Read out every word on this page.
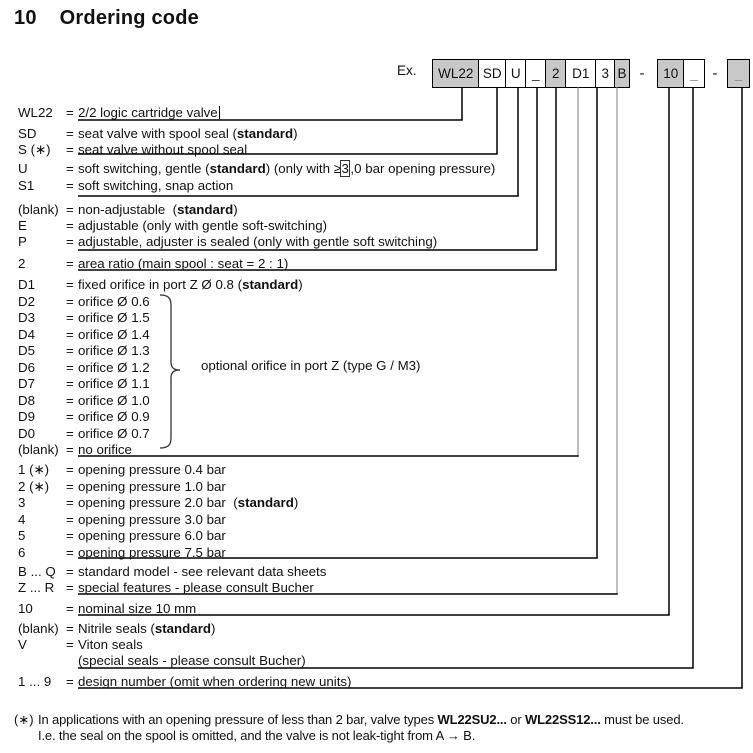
10 Ordering code
Ex. WL22 SD U _ 2 D1 3 B -	10 _ -	_
optional orifice in port Z (type G / M3)
WL22 = 2/2 logic cartridge valve
SD = seat valve with spool seal (standard)
S (∗) = seat valve without spool seal
U	= soft switching, gentle (standard) (only with ≥3 ,0 bar opening pressure)
S1 = soft switching, snap action
(blank) = non-adjustable  (standard)
E	= adjustable (only with gentle soft-switching)
P	= adjustable, adjuster is sealed (only with gentle soft switching)
2	= area ratio (main spool : seat = 2 : 1)
D1 = fixed orifice in port Z Ø 0.8 (standard)
D2 = orifice Ø 0.6
D3 = orifice Ø 1.5
D4 = orifice Ø 1.4
D5 = orifice Ø 1.3
D6 = orifice Ø 1.2
D7 = orifice Ø 1.1
D8 = orifice Ø 1.0
D9 = orifice Ø 0.9
D0 = orifice Ø 0.7
(blank) = no orifice
1 (∗) = opening pressure 0.4 bar
2 (∗) = opening pressure 1.0 bar
3	= opening pressure 2.0 bar  (standard)
4	= opening pressure 3.0 bar
5	= opening pressure 6.0 bar
6	= opening pressure 7.5 bar
B ... Q = standard model - see relevant data sheets
Z ... R = special features - please consult Bucher
10 = nominal size 10 mm
(blank) = Nitrile seals (standard)
V	= Viton seals
(special seals - please consult Bucher)
1 ... 9 = design number (omit when ordering new units)
(∗) In applications with an opening pressure of less than 2 bar, valve types WL22SU2... or WL22SS12... must be used.
I.e. the seal on the spool is omitted, and the valve is not leak-tight from A → B.
